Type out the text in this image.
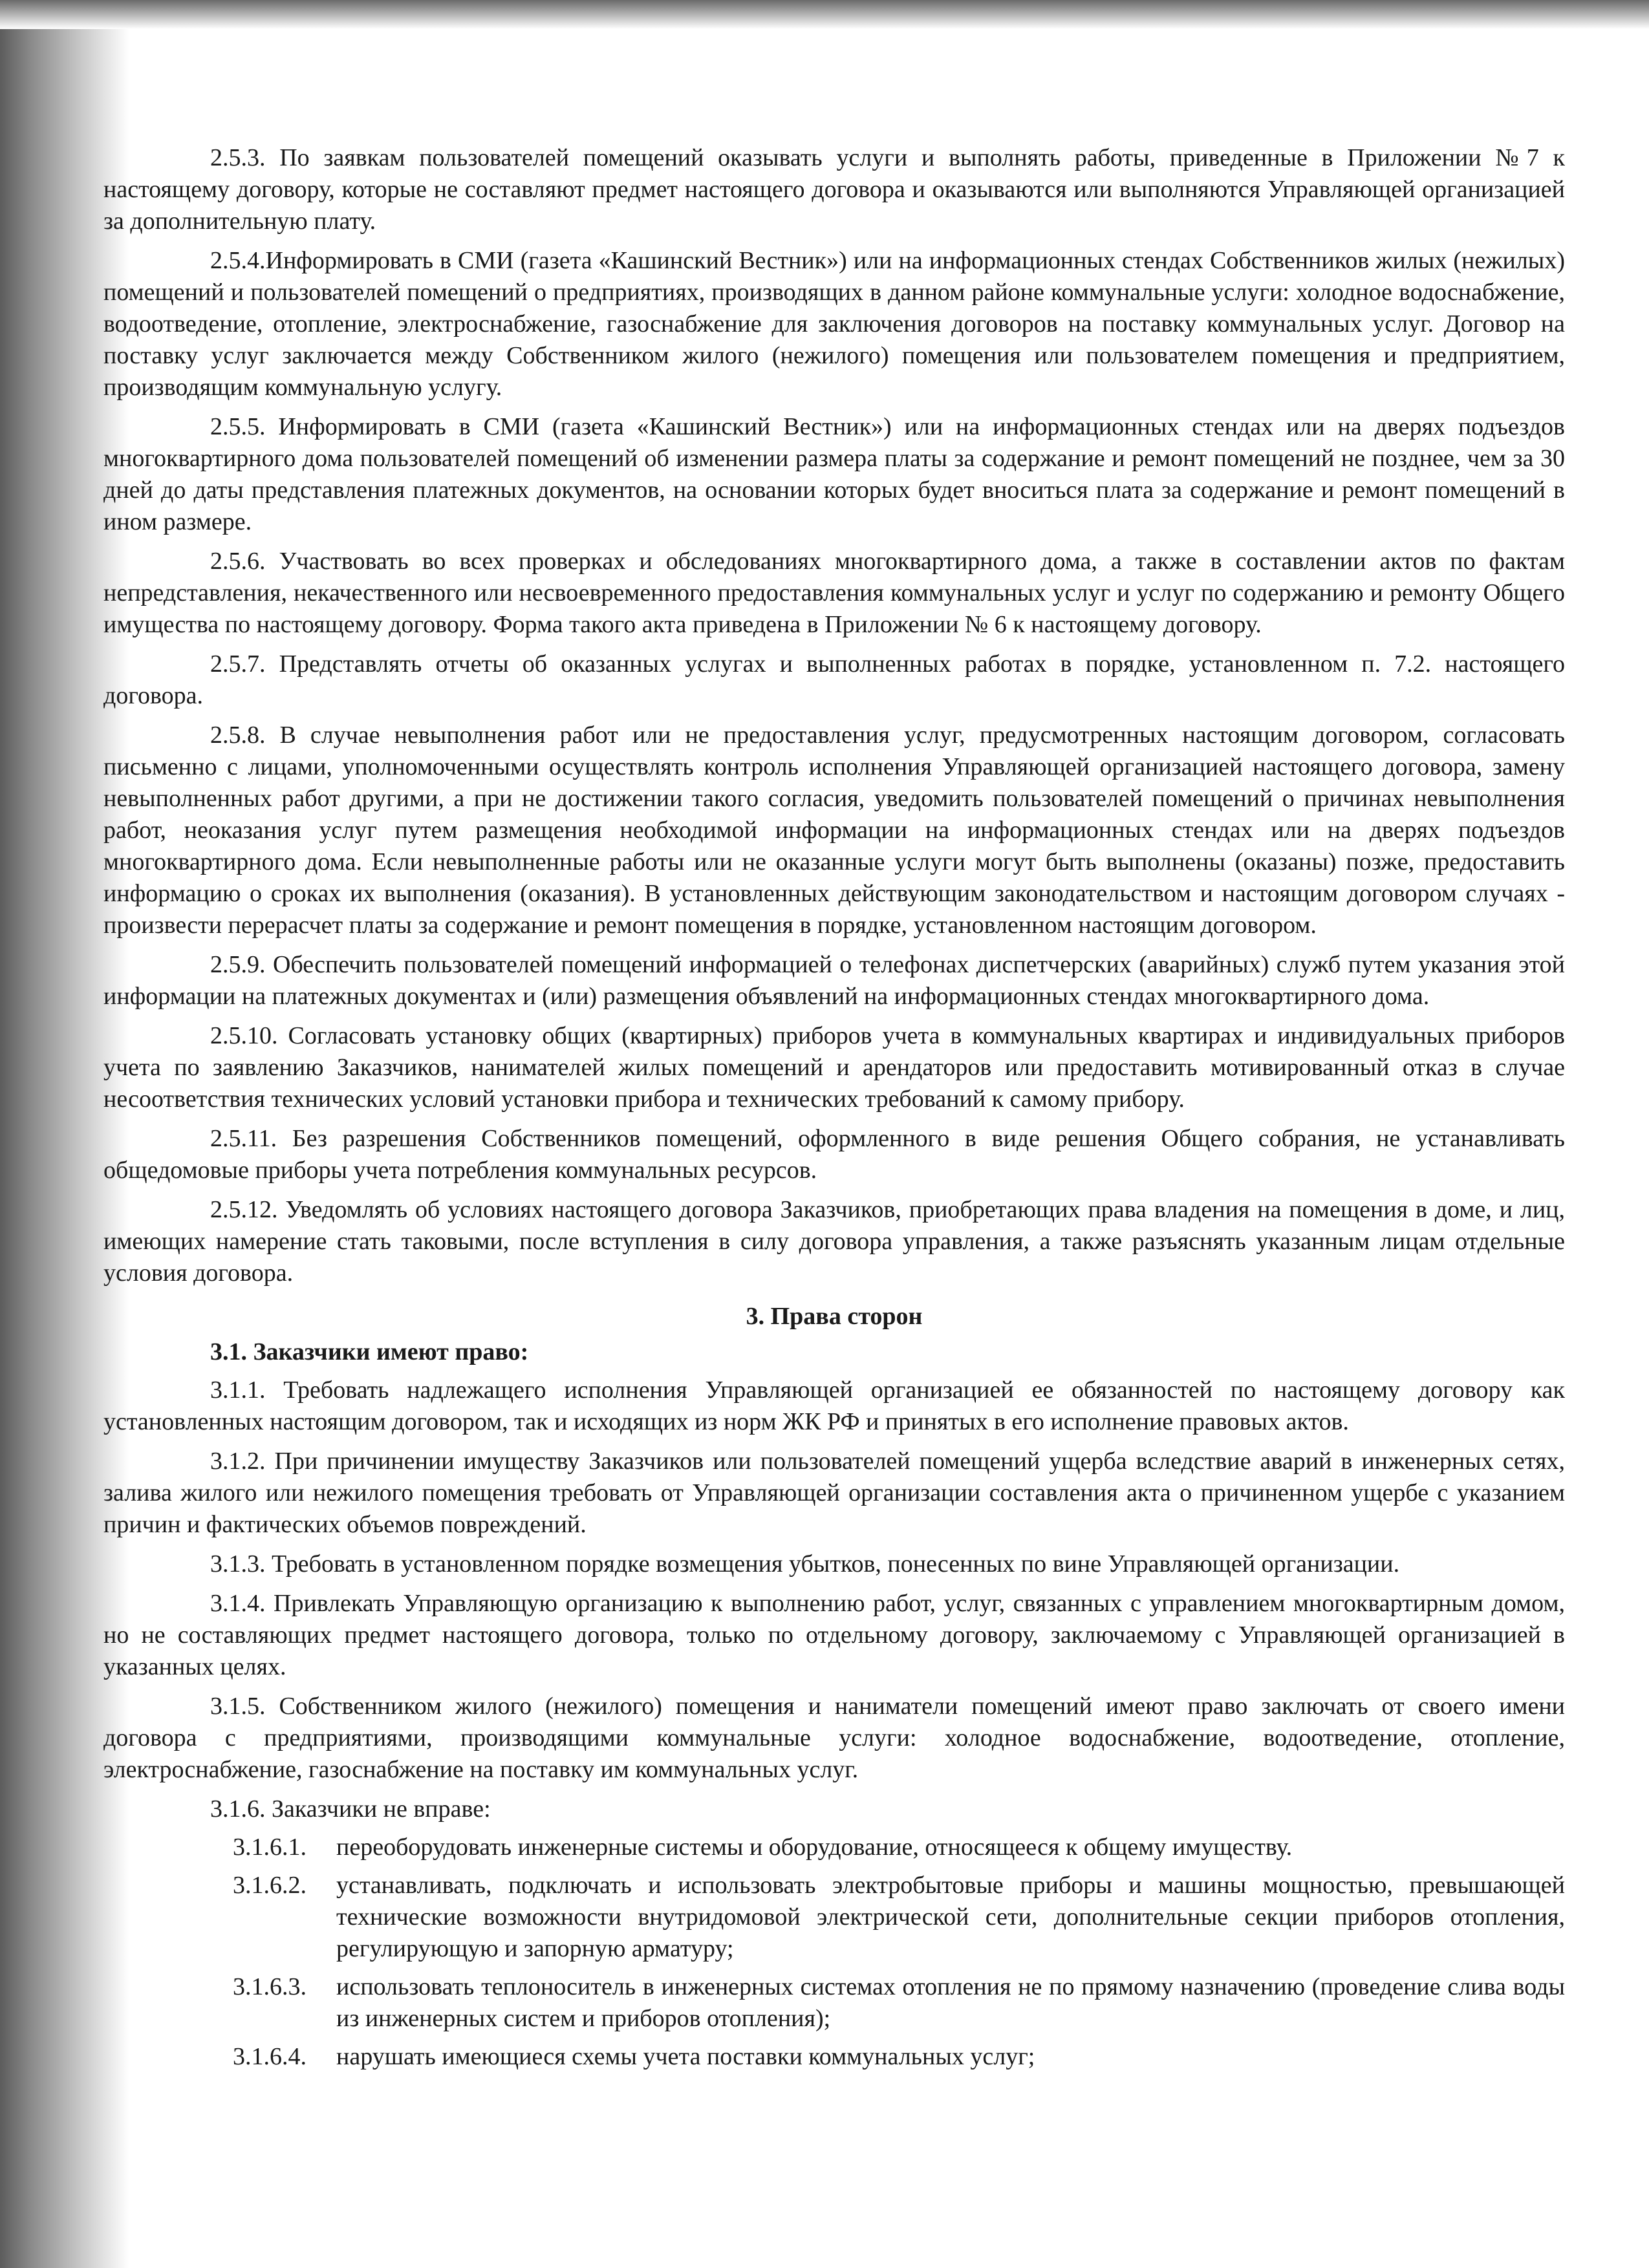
2.5.3. По заявкам пользователей помещений оказывать услуги и выполнять работы, приведенные в Приложении №7 к настоящему договору, которые не составляют предмет настоящего договора и оказываются или выполняются Управляющей организацией за дополнительную плату.

2.5.4.Информировать в СМИ (газета «Кашинский Вестник») или на информационных стендах Собственников жилых (нежилых) помещений и пользователей помещений о предприятиях, производящих в данном районе коммунальные услуги: холодное водоснабжение, водоотведение, отопление, электроснабжение, газоснабжение для заключения договоров на поставку коммунальных услуг. Договор на поставку услуг заключается между Собственником жилого (нежилого) помещения или пользователем помещения и предприятием, производящим коммунальную услугу.

2.5.5. Информировать в СМИ (газета «Кашинский Вестник») или на информационных стендах или на дверях подъездов многоквартирного дома пользователей помещений об изменении размера платы за содержание и ремонт помещений не позднее, чем за 30 дней до даты представления платежных документов, на основании которых будет вноситься плата за содержание и ремонт помещений в ином размере.

2.5.6. Участвовать во всех проверках и обследованиях многоквартирного дома, а также в составлении актов по фактам непредставления, некачественного или несвоевременного предоставления коммунальных услуг и услуг по содержанию и ремонту Общего имущества по настоящему договору. Форма такого акта приведена в Приложении № 6 к настоящему договору.

2.5.7. Представлять отчеты об оказанных услугах и выполненных работах в порядке, установленном п. 7.2. настоящего договора.

2.5.8. В случае невыполнения работ или не предоставления услуг, предусмотренных настоящим договором, согласовать письменно с лицами, уполномоченными осуществлять контроль исполнения Управляющей организацией настоящего договора, замену невыполненных работ другими, а при не достижении такого согласия, уведомить пользователей помещений о причинах невыполнения работ, неоказания услуг путем размещения необходимой информации на информационных стендах или на дверях подъездов многоквартирного дома. Если невыполненные работы или не оказанные услуги могут быть выполнены (оказаны) позже, предоставить информацию о сроках их выполнения (оказания). В установленных действующим законодательством и настоящим договором случаях - произвести перерасчет платы за содержание и ремонт помещения в порядке, установленном настоящим договором.

2.5.9. Обеспечить пользователей помещений информацией о телефонах диспетчерских (аварийных) служб путем указания этой информации на платежных документах и (или) размещения объявлений на информационных стендах многоквартирного дома.

2.5.10. Согласовать установку общих (квартирных) приборов учета в коммунальных квартирах и индивидуальных приборов учета по заявлению Заказчиков, нанимателей жилых помещений и арендаторов или предоставить мотивированный отказ в случае несоответствия технических условий установки прибора и технических требований к самому прибору.

2.5.11. Без разрешения Собственников помещений, оформленного в виде решения Общего собрания, не устанавливать общедомовые приборы учета потребления коммунальных ресурсов.

2.5.12. Уведомлять об условиях настоящего договора Заказчиков, приобретающих права владения на помещения в доме, и лиц, имеющих намерение стать таковыми, после вступления в силу договора управления, а также разъяснять указанным лицам отдельные условия договора.

3. Права сторон
3.1. Заказчики имеют право:

3.1.1. Требовать надлежащего исполнения Управляющей организацией ее обязанностей по настоящему договору как установленных настоящим договором, так и исходящих из норм ЖК РФ и принятых в его исполнение правовых актов.

3.1.2. При причинении имуществу Заказчиков или пользователей помещений ущерба вследствие аварий в инженерных сетях, залива жилого или нежилого помещения требовать от Управляющей организации составления акта о причиненном ущербе с указанием причин и фактических объемов повреждений.

3.1.3. Требовать в установленном порядке возмещения убытков, понесенных по вине Управляющей организации.

3.1.4. Привлекать Управляющую организацию к выполнению работ, услуг, связанных с управлением многоквартирным домом, но не составляющих предмет настоящего договора, только по отдельному договору, заключаемому с Управляющей организацией в указанных целях.

3.1.5. Собственником жилого (нежилого) помещения и наниматели помещений имеют право заключать от своего имени договора с предприятиями, производящими коммунальные услуги: холодное водоснабжение, водоотведение, отопление, электроснабжение, газоснабжение на поставку им коммунальных услуг.

3.1.6. Заказчики не вправе:

3.1.6.1.	переоборудовать инженерные системы и оборудование, относящееся к общему имуществу.
3.1.6.2.	устанавливать, подключать и использовать электробытовые приборы и машины мощностью, превышающей технические возможности внутридомовой электрической сети, дополнительные секции приборов отопления, регулирующую и запорную арматуру;
3.1.6.3.	использовать теплоноситель в инженерных системах отопления не по прямому назначению (проведение слива воды из инженерных систем и приборов отопления);
3.1.6.4.	нарушать имеющиеся схемы учета поставки коммунальных услуг;
